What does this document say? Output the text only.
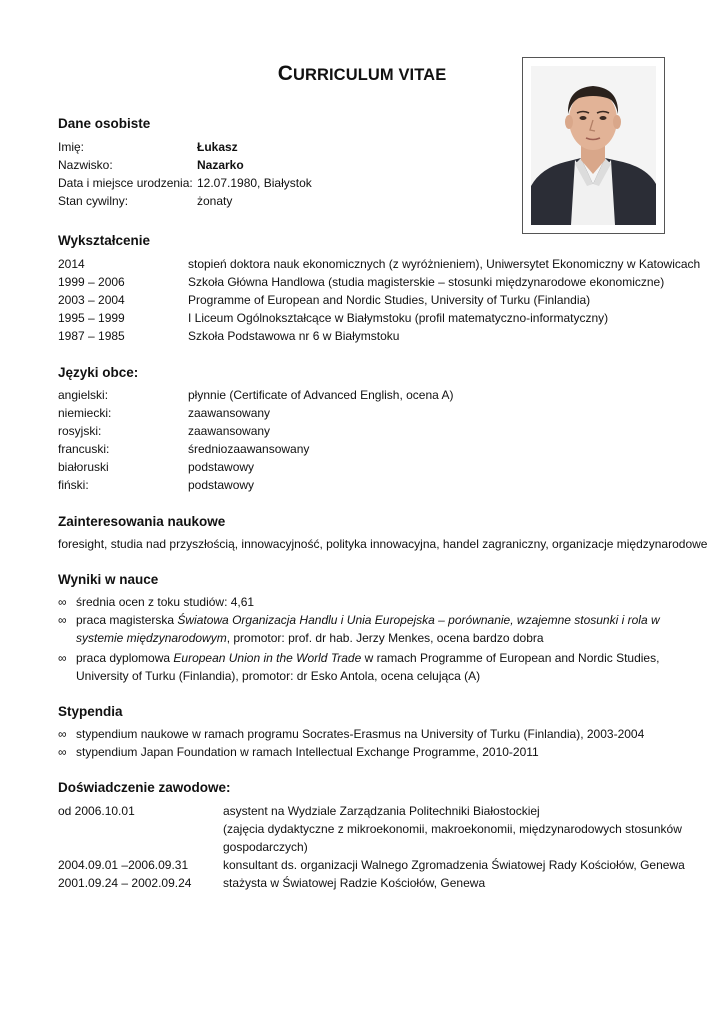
CURRICULUM VITAE
Dane osobiste
Imię:	Łukasz
Nazwisko:	Nazarko
Data i miejsce urodzenia: 12.07.1980, Białystok
Stan cywilny:	żonaty
Wykształcenie
2014	stopień doktora nauk ekonomicznych (z wyróżnieniem), Uniwersytet Ekonomiczny w Katowicach
1999 – 2006	Szkoła Główna Handlowa (studia magisterskie – stosunki międzynarodowe ekonomiczne)
2003 – 2004	Programme of European and Nordic Studies, University of Turku (Finlandia)
1995 – 1999	I Liceum Ogólnokształcące w Białymstoku (profil matematyczno-informatyczny)
1987 – 1985	Szkoła Podstawowa nr 6 w Białymstoku
Języki obce:
angielski:	płynnie (Certificate of Advanced English, ocena A)
niemiecki:	zaawansowany
rosyjski:	zaawansowany
francuski:	średniozaawansowany
białoruski	podstawowy
fiński:	podstawowy
Zainteresowania naukowe
foresight, studia nad przyszłością, innowacyjność, polityka innowacyjna, handel zagraniczny, organizacje międzynarodowe
Wyniki w nauce
∞ średnia ocen z toku studiów: 4,61
∞ praca magisterska Światowa Organizacja Handlu i Unia Europejska – porównanie, wzajemne stosunki i rola w systemie międzynarodowym, promotor: prof. dr hab. Jerzy Menkes, ocena bardzo dobra
∞ praca dyplomowa European Union in the World Trade w ramach Programme of European and Nordic Studies, University of Turku (Finlandia), promotor: dr Esko Antola, ocena celująca (A)
Stypendia
∞ stypendium naukowe w ramach programu Socrates-Erasmus na University of Turku (Finlandia), 2003-2004
∞ stypendium Japan Foundation w ramach Intellectual Exchange Programme, 2010-2011
Doświadczenie zawodowe:
od 2006.10.01	asystent na Wydziale Zarządzania Politechniki Białostockiej
(zajęcia dydaktyczne z mikroekonomii, makroekonomii, międzynarodowych stosunków
gospodarczych)
2004.09.01 –2006.09.31	konsultant ds. organizacji Walnego Zgromadzenia Światowej Rady Kościołów, Genewa
2001.09.24 – 2002.09.24	stażysta w Światowej Radzie Kościołów, Genewa
